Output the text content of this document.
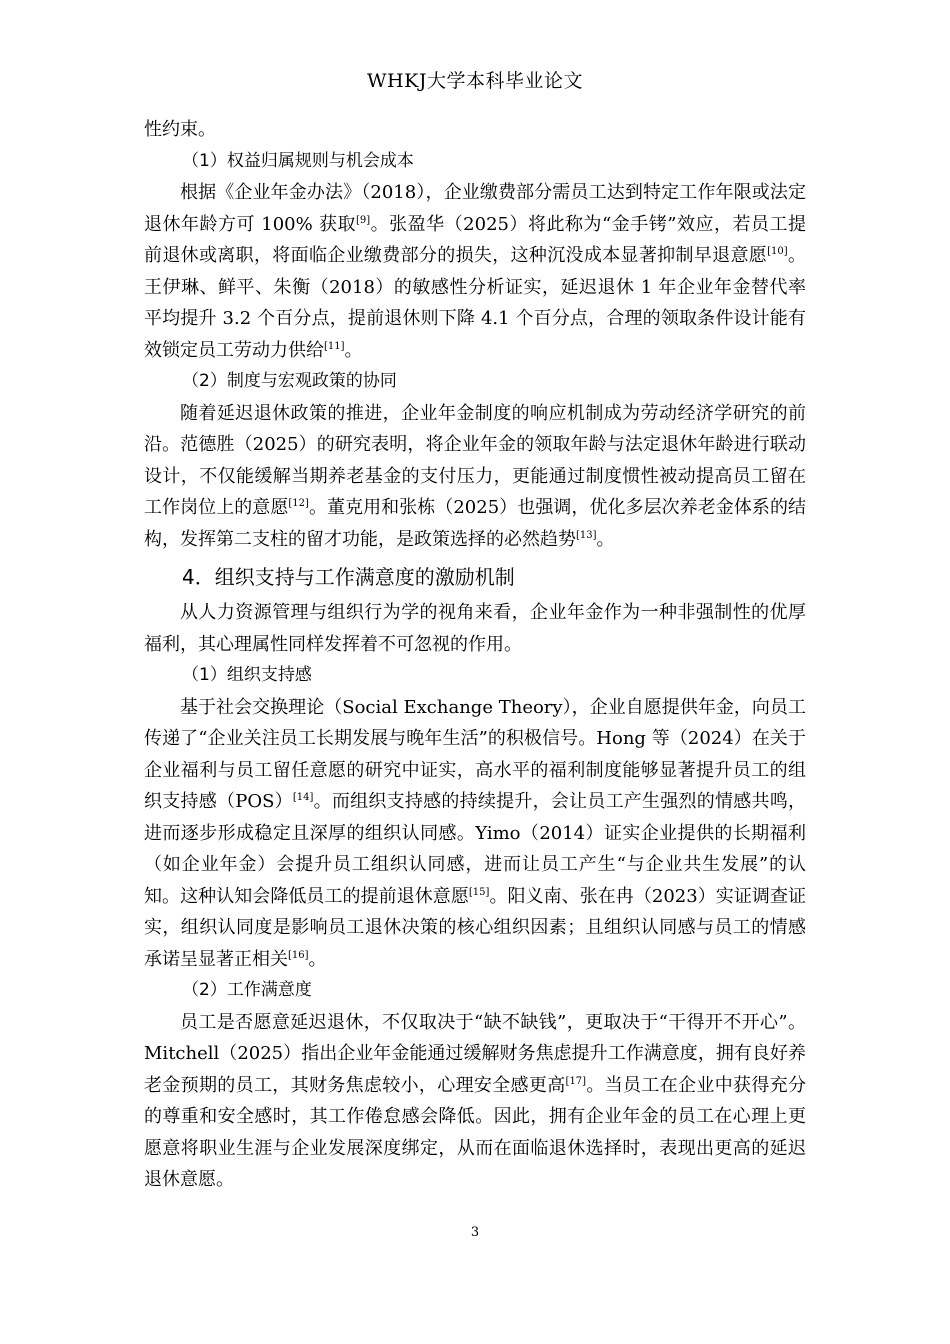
WHKJ大学本科毕业论文

性约束。

（1）权益归属规则与机会成本

根据《企业年金办法》（2018），企业缴费部分需员工达到特定工作年限或法定退休年龄方可 100% 获取[9]。张盈华（2025）将此称为“金手铐”效应，若员工提前退休或离职，将面临企业缴费部分的损失，这种沉没成本显著抑制早退意愿[10]。王伊琳、鲜平、朱衡（2018）的敏感性分析证实，延迟退休 1 年企业年金替代率平均提升 3.2 个百分点，提前退休则下降 4.1 个百分点，合理的领取条件设计能有效锁定员工劳动力供给[11]。

（2）制度与宏观政策的协同

随着延迟退休政策的推进，企业年金制度的响应机制成为劳动经济学研究的前沿。范德胜（2025）的研究表明，将企业年金的领取年龄与法定退休年龄进行联动设计，不仅能缓解当期养老基金的支付压力，更能通过制度惯性被动提高员工留在工作岗位上的意愿[12]。董克用和张栋（2025）也强调，优化多层次养老金体系的结构，发挥第二支柱的留才功能，是政策选择的必然趋势[13]。

4．组织支持与工作满意度的激励机制

从人力资源管理与组织行为学的视角来看，企业年金作为一种非强制性的优厚福利，其心理属性同样发挥着不可忽视的作用。

（1）组织支持感

基于社会交换理论（Social Exchange Theory），企业自愿提供年金，向员工传递了“企业关注员工长期发展与晚年生活”的积极信号。Hong 等（2024）在关于企业福利与员工留任意愿的研究中证实，高水平的福利制度能够显著提升员工的组织支持感（POS）[14]。而组织支持感的持续提升，会让员工产生强烈的情感共鸣，进而逐步形成稳定且深厚的组织认同感。Yimo（2014）证实企业提供的长期福利（如企业年金）会提升员工组织认同感，进而让员工产生“与企业共生发展”的认知。这种认知会降低员工的提前退休意愿[15]。阳义南、张在冉（2023）实证调查证实，组织认同度是影响员工退休决策的核心组织因素；且组织认同感与员工的情感承诺呈显著正相关[16]。

（2）工作满意度

员工是否愿意延迟退休，不仅取决于“缺不缺钱”，更取决于“干得开不开心”。Mitchell（2025）指出企业年金能通过缓解财务焦虑提升工作满意度，拥有良好养老金预期的员工，其财务焦虑较小，心理安全感更高[17]。当员工在企业中获得充分的尊重和安全感时，其工作倦怠感会降低。因此，拥有企业年金的员工在心理上更愿意将职业生涯与企业发展深度绑定，从而在面临退休选择时，表现出更高的延迟退休意愿。

3
